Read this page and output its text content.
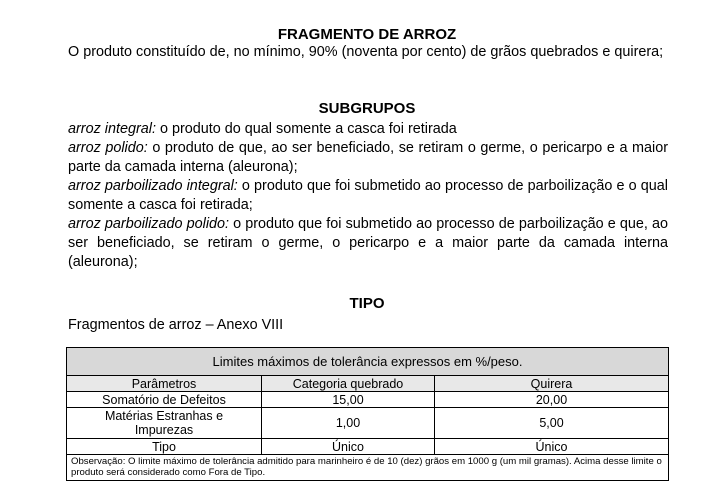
FRAGMENTO DE ARROZ

O produto constituído de, no mínimo, 90% (noventa por cento) de grãos quebrados e quirera;

SUBGRUPOS

arroz integral: o produto do qual somente a casca foi retirada

arroz polido: o produto de que, ao ser beneficiado, se retiram o germe, o pericarpo e a maior parte da camada interna (aleurona);

arroz parboilizado integral: o produto que foi submetido ao processo de parboilização e o qual somente a casca foi retirada;

arroz parboilizado polido: o produto que foi submetido ao processo de parboilização e que, ao ser beneficiado, se retiram o germe, o pericarpo e a maior parte da camada interna (aleurona);

TIPO
Fragmentos de arroz – Anexo VIII
Limites máximos de tolerância expressos em %/peso.		
Parâmetros	Categoria quebrado	Quirera
Somatório de Defeitos	15,00	20,00
Matérias Estranhas e Impurezas	1,00	5,00
Tipo	Único	Único
Observação: O limite máximo de tolerância admitido para marinheiro é de 10 (dez) grãos em 1000 g (um mil gramas). Acima desse limite o produto será considerado como Fora de Tipo.		
